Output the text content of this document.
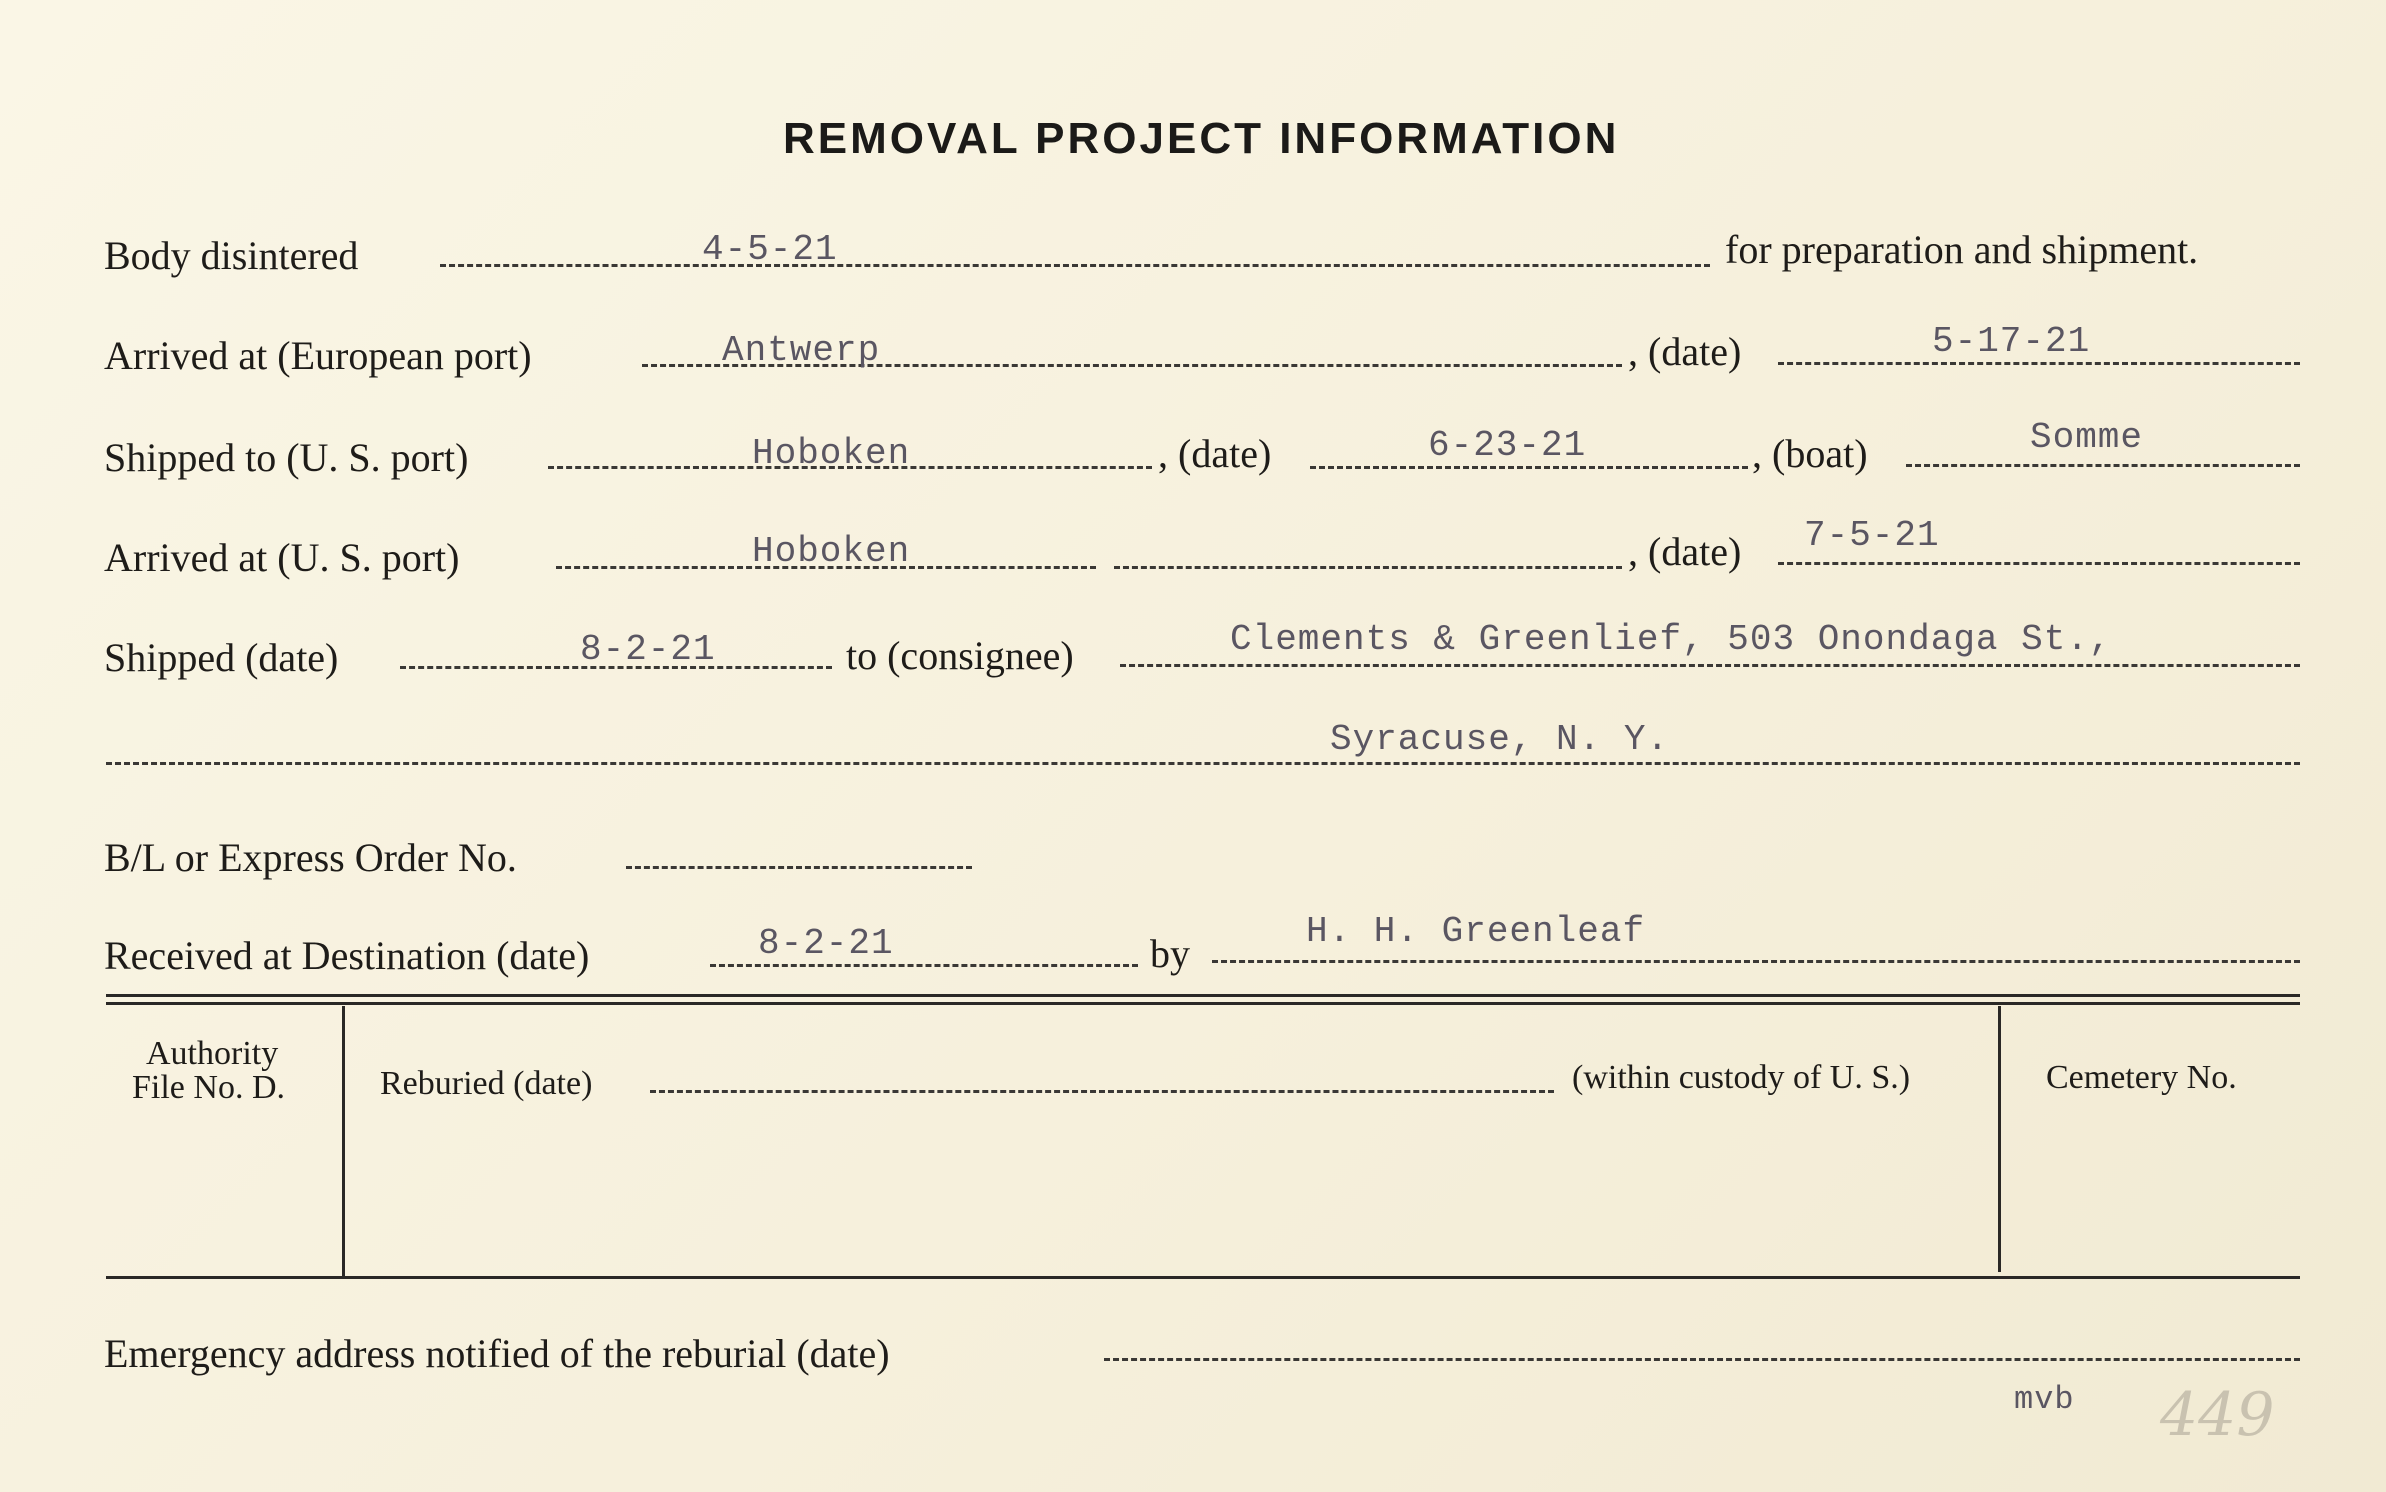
REMOVAL PROJECT INFORMATION
Body disintered	4-5-21	for preparation and shipment.
Arrived at (European port)	Antwerp	, (date)	5-17-21
Shipped to (U. S. port)	Hoboken	, (date)	6-23-21	, (boat)	Somme
Arrived at (U. S. port)	Hoboken	, (date) 7-5-21
Shipped (date)	8-2-21	to (consignee)	Clements & Greenlief, 503 Onondaga St.,
Syracuse, N. Y.
B/L or Express Order No.
Received at Destination (date)	8-2-21	by	H. H. Greenleaf
Authority
File No. D.	Reburied (date)	(within custody of U. S.)	Cemetery No.
Emergency address notified of the reburial (date)
mvb 449
